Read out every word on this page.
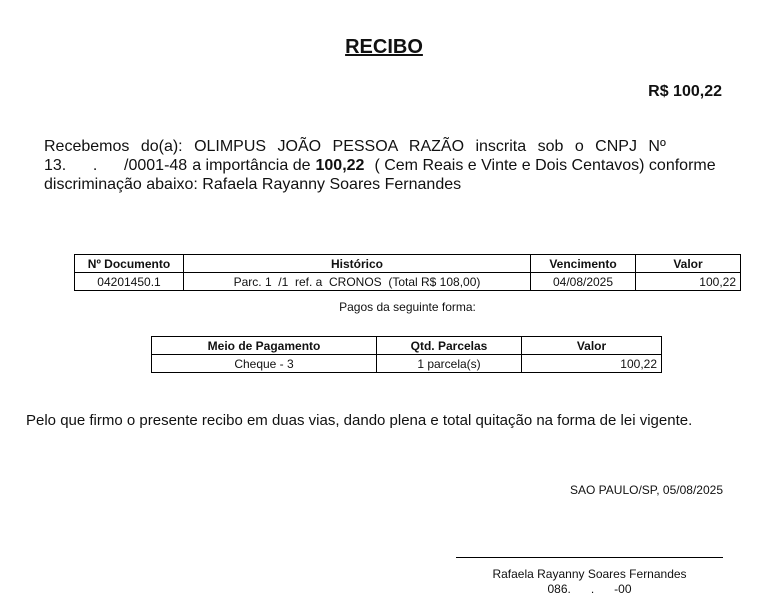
RECIBO
R$ 100,22
Recebemos do(a): OLIMPUS JOÃO PESSOA RAZÃO inscrita sob o CNPJ Nº
13.      .      /0001-48 a importância de 100,22 ( Cem Reais e Vinte e Dois Centavos) conforme
discriminação abaixo: Rafaela Rayanny Soares Fernandes
Nº Documento	Histórico	Vencimento	Valor
04201450.1	Parc. 1  /1  ref. a  CRONOS  (Total R$ 108,00)	04/08/2025	100,22
Pagos da seguinte forma:
Meio de Pagamento	Qtd. Parcelas	Valor
Cheque - 3	1 parcela(s)	100,22
Pelo que firmo o presente recibo em duas vias, dando plena e total quitação na forma de lei vigente.
SAO PAULO/SP, 05/08/2025
Rafaela Rayanny Soares Fernandes
086.      .      -00
